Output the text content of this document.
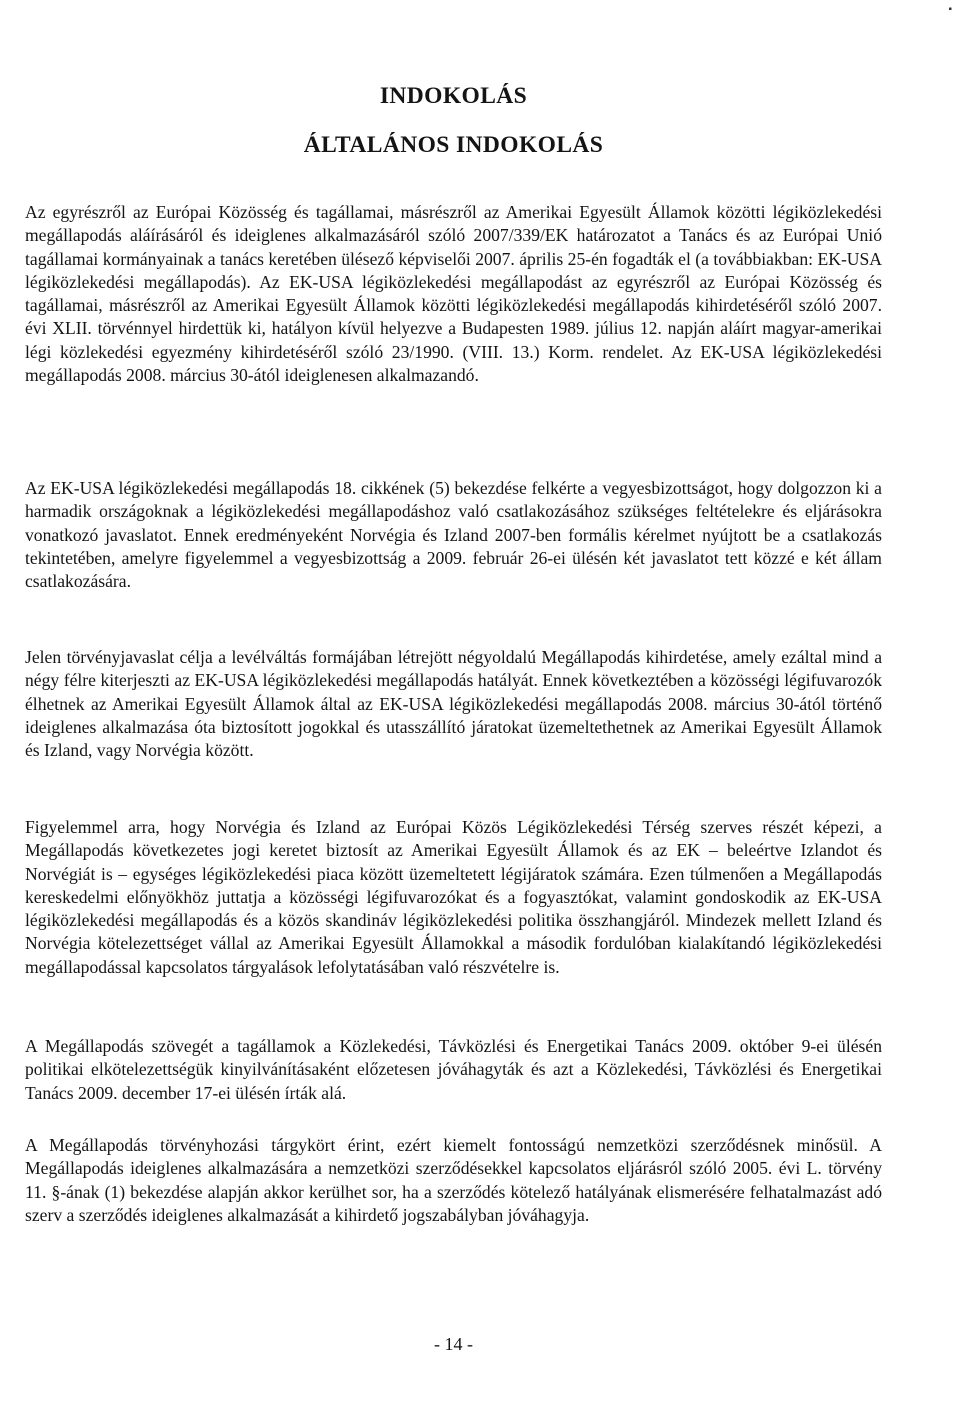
INDOKOLÁS
ÁLTALÁNOS INDOKOLÁS

Az egyrészről az Európai Közösség és tagállamai, másrészről az Amerikai Egyesült Államok közötti légiközlekedési megállapodás aláírásáról és ideiglenes alkalmazásáról szóló 2007/339/EK határozatot a Tanács és az Európai Unió tagállamai kormányainak a tanács keretében ülésező képviselői 2007. április 25-én fogadták el (a továbbiakban: EK-USA légiközlekedési megállapodás). Az EK-USA légiközlekedési megállapodást az egyrészről az Európai Közösség és tagállamai, másrészről az Amerikai Egyesült Államok közötti légiközlekedési megállapodás kihirdetéséről szóló 2007. évi XLII. törvénnyel hirdettük ki, hatályon kívül helyezve a Budapesten 1989. július 12. napján aláírt magyar-amerikai légi közlekedési egyezmény kihirdetéséről szóló 23/1990. (VIII. 13.) Korm. rendelet. Az EK-USA légiközlekedési megállapodás 2008. március 30-ától ideiglenesen alkalmazandó.

Az EK-USA légiközlekedési megállapodás 18. cikkének (5) bekezdése felkérte a vegyesbizottságot, hogy dolgozzon ki a harmadik országoknak a légiközlekedési megállapodáshoz való csatlakozásához szükséges feltételekre és eljárásokra vonatkozó javaslatot. Ennek eredményeként Norvégia és Izland 2007-ben formális kérelmet nyújtott be a csatlakozás tekintetében, amelyre figyelemmel a vegyesbizottság a 2009. február 26-ei ülésén két javaslatot tett közzé e két állam csatlakozására.

Jelen törvényjavaslat célja a levélváltás formájában létrejött négyoldalú Megállapodás kihirdetése, amely ezáltal mind a négy félre kiterjeszti az EK-USA légiközlekedési megállapodás hatályát. Ennek következtében a közösségi légifuvarozók élhetnek az Amerikai Egyesült Államok által az EK-USA légiközlekedési megállapodás 2008. március 30-ától történő ideiglenes alkalmazása óta biztosított jogokkal és utasszállító járatokat üzemeltethetnek az Amerikai Egyesült Államok és Izland, vagy Norvégia között.

Figyelemmel arra, hogy Norvégia és Izland az Európai Közös Légiközlekedési Térség szerves részét képezi, a Megállapodás következetes jogi keretet biztosít az Amerikai Egyesült Államok és az EK – beleértve Izlandot és Norvégiát is – egységes légiközlekedési piaca között üzemeltetett légijáratok számára. Ezen túlmenően a Megállapodás kereskedelmi előnyökhöz juttatja a közösségi légifuvarozókat és a fogyasztókat, valamint gondoskodik az EK-USA légiközlekedési megállapodás és a közös skandináv légiközlekedési politika összhangjáról. Mindezek mellett Izland és Norvégia kötelezettséget vállal az Amerikai Egyesült Államokkal a második fordulóban kialakítandó légiközlekedési megállapodással kapcsolatos tárgyalások lefolytatásában való részvételre is.

A Megállapodás szövegét a tagállamok a Közlekedési, Távközlési és Energetikai Tanács 2009. október 9-ei ülésén politikai elkötelezettségük kinyilvánításaként előzetesen jóváhagyták és azt a Közlekedési, Távközlési és Energetikai Tanács 2009. december 17-ei ülésén írták alá.

A Megállapodás törvényhozási tárgykört érint, ezért kiemelt fontosságú nemzetközi szerződésnek minősül. A Megállapodás ideiglenes alkalmazására a nemzetközi szerződésekkel kapcsolatos eljárásról szóló 2005. évi L. törvény 11. §-ának (1) bekezdése alapján akkor kerülhet sor, ha a szerződés kötelező hatályának elismerésére felhatalmazást adó szerv a szerződés ideiglenes alkalmazását a kihirdető jogszabályban jóváhagyja.

- 14 -

▪
